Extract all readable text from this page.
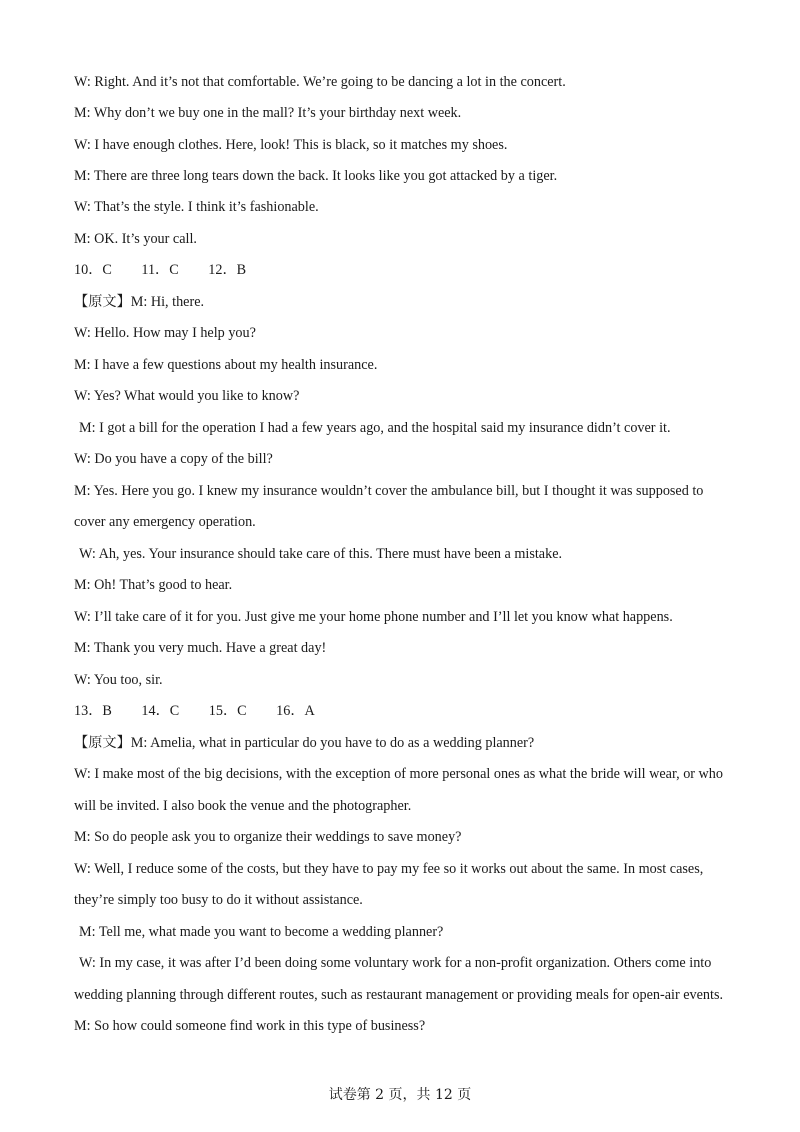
W: Right. And it’s not that comfortable. We’re going to be dancing a lot in the concert.
M: Why don’t we buy one in the mall? It’s your birthday next week.
W: I have enough clothes. Here, look! This is black, so it matches my shoes.
M: There are three long tears down the back. It looks like you got attacked by a tiger.
W: That’s the style. I think it’s fashionable.
M: OK. It’s your call.
10．C 11．C 12．B
【原文】M: Hi, there.
W: Hello. How may I help you?
M: I have a few questions about my health insurance.
W: Yes? What would you like to know?
M: I got a bill for the operation I had a few years ago, and the hospital said my insurance didn’t cover it.
W: Do you have a copy of the bill?
M: Yes. Here you go. I knew my insurance wouldn’t cover the ambulance bill, but I thought it was supposed to
cover any emergency operation.
W: Ah, yes. Your insurance should take care of this. There must have been a mistake.
M: Oh! That’s good to hear.
W: I’ll take care of it for you. Just give me your home phone number and I’ll let you know what happens.
M: Thank you very much. Have a great day!
W: You too, sir.
13．B 14．C 15．C 16．A
【原文】M: Amelia, what in particular do you have to do as a wedding planner?
W: I make most of the big decisions, with the exception of more personal ones as what the bride will wear, or who
will be invited. I also book the venue and the photographer.
M: So do people ask you to organize their weddings to save money?
W: Well, I reduce some of the costs, but they have to pay my fee so it works out about the same. In most cases,
they’re simply too busy to do it without assistance.
M: Tell me, what made you want to become a wedding planner?
W: In my case, it was after I’d been doing some voluntary work for a non-profit organization. Others come into
wedding planning through different routes, such as restaurant management or providing meals for open-air events.
M: So how could someone find work in this type of business?
试卷第 2 页，共 12 页
